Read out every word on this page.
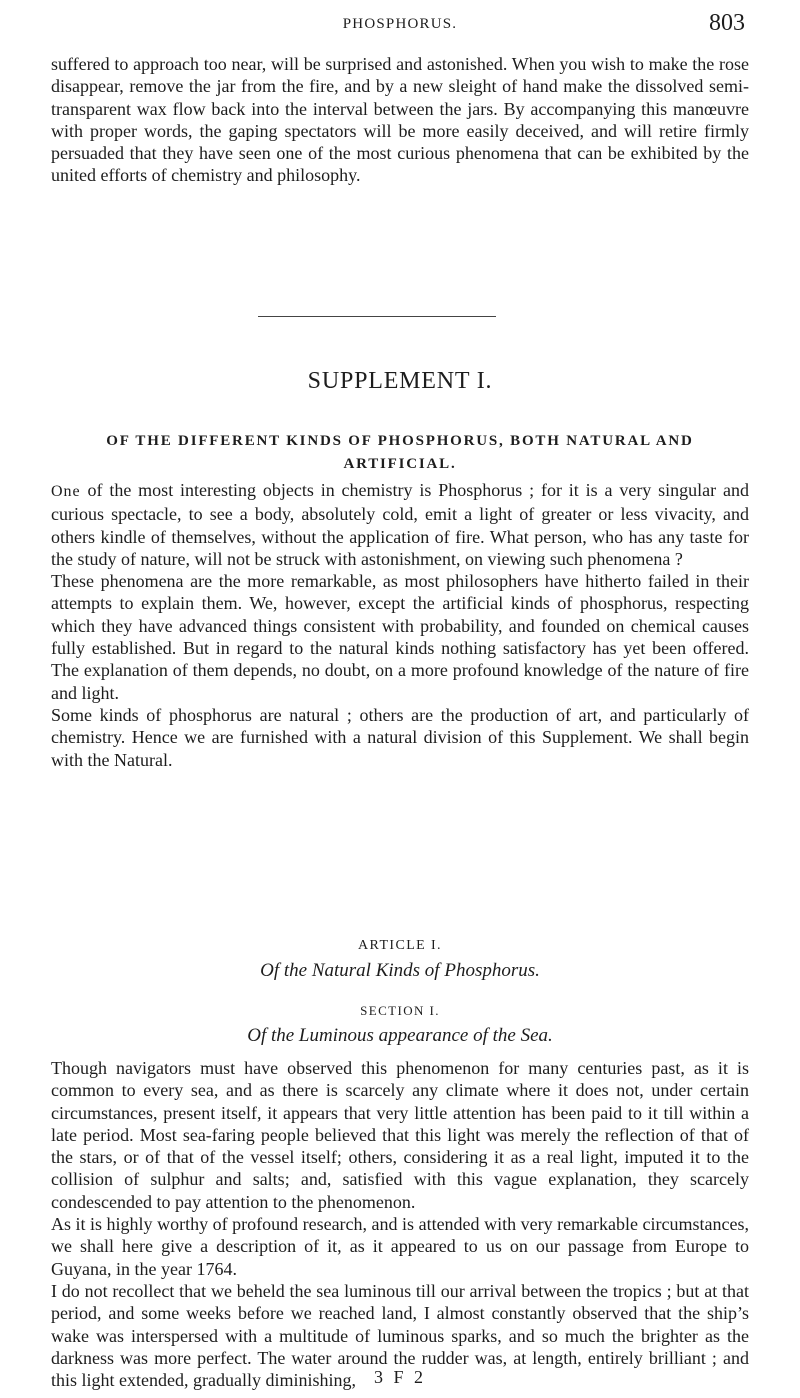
PHOSPHORUS.	803

suffered to approach too near, will be surprised and astonished. When you wish to make the rose disappear, remove the jar from the fire, and by a new sleight of hand make the dissolved semi-transparent wax flow back into the interval between the jars. By accompanying this manœuvre with proper words, the gaping spectators will be more easily deceived, and will retire firmly persuaded that they have seen one of the most curious phenomena that can be exhibited by the united efforts of chemistry and philosophy.

SUPPLEMENT I.
OF THE DIFFERENT KINDS OF PHOSPHORUS, BOTH NATURAL AND ARTIFICIAL.

One of the most interesting objects in chemistry is Phosphorus ; for it is a very singular and curious spectacle, to see a body, absolutely cold, emit a light of greater or less vivacity, and others kindle of themselves, without the application of fire. What person, who has any taste for the study of nature, will not be struck with astonishment, on viewing such phenomena ?

These phenomena are the more remarkable, as most philosophers have hitherto failed in their attempts to explain them. We, however, except the artificial kinds of phosphorus, respecting which they have advanced things consistent with probability, and founded on chemical causes fully established. But in regard to the natural kinds nothing satisfactory has yet been offered. The explanation of them depends, no doubt, on a more profound knowledge of the nature of fire and light.

Some kinds of phosphorus are natural ; others are the production of art, and particularly of chemistry. Hence we are furnished with a natural division of this Supplement. We shall begin with the Natural.

ARTICLE I.
Of the Natural Kinds of Phosphorus.
SECTION I.
Of the Luminous appearance of the Sea.

Though navigators must have observed this phenomenon for many centuries past, as it is common to every sea, and as there is scarcely any climate where it does not, under certain circumstances, present itself, it appears that very little attention has been paid to it till within a late period. Most sea-faring people believed that this light was merely the reflection of that of the stars, or of that of the vessel itself; others, considering it as a real light, imputed it to the collision of sulphur and salts; and, satisfied with this vague explanation, they scarcely condescended to pay attention to the phenomenon.

As it is highly worthy of profound research, and is attended with very remarkable circumstances, we shall here give a description of it, as it appeared to us on our passage from Europe to Guyana, in the year 1764.

I do not recollect that we beheld the sea luminous till our arrival between the tropics ; but at that period, and some weeks before we reached land, I almost constantly observed that the ship’s wake was interspersed with a multitude of luminous sparks, and so much the brighter as the darkness was more perfect. The water around the rudder was, at length, entirely brilliant ; and this light extended, gradually diminishing,	3 F 2
